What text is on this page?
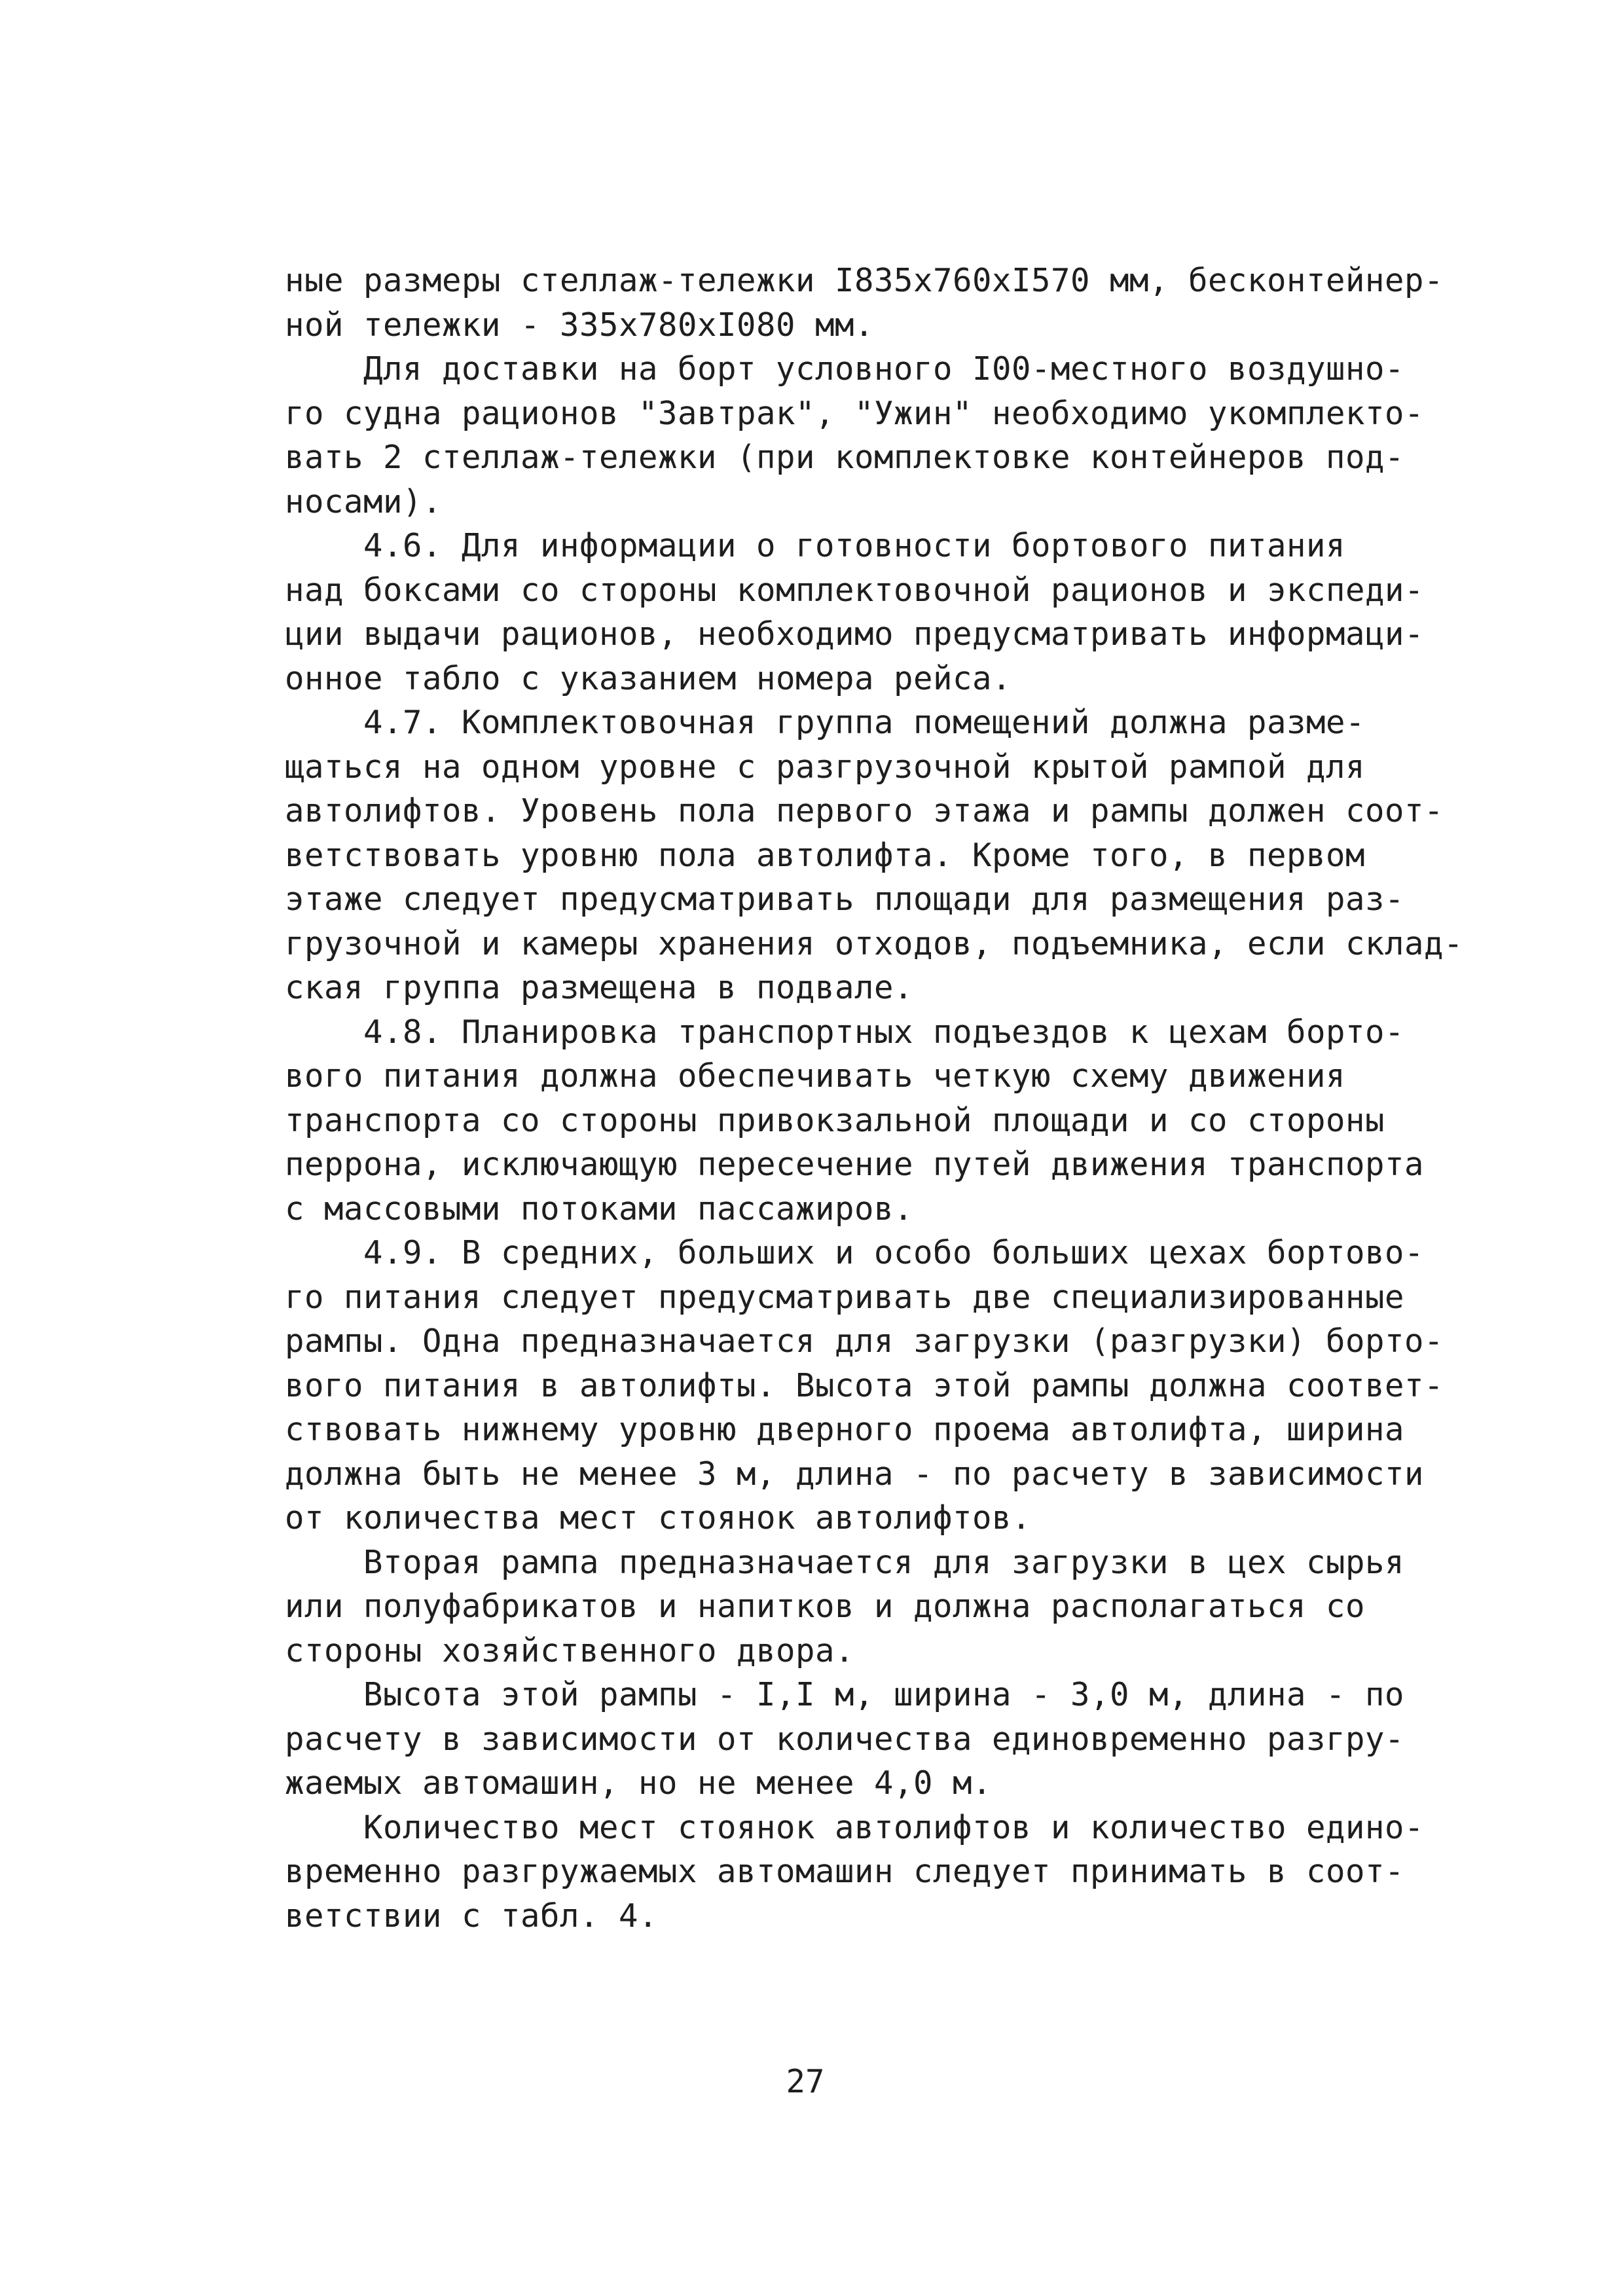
ные размеры стеллаж-тележки I835x760xI570 мм, бесконтейнер-
ной тележки - 335x780xI080 мм.
Для доставки на борт условного I00-местного воздушно-
го судна рационов "Завтрак", "Ужин" необходимо укомплекто-
вать 2 стеллаж-тележки (при комплектовке контейнеров под-
носами).
4.6. Для информации о готовности бортового питания
над боксами со стороны комплектовочной рационов и экспеди-
ции выдачи рационов, необходимо предусматривать информаци-
онное табло с указанием номера рейса.
4.7. Комплектовочная группа помещений должна разме-
щаться на одном уровне с разгрузочной крытой рампой для
автолифтов. Уровень пола первого этажа и рампы должен соот-
ветствовать уровню пола автолифта. Кроме того, в первом
этаже следует предусматривать площади для размещения раз-
грузочной и камеры хранения отходов, подъемника, если склад-
ская группа размещена в подвале.
4.8. Планировка транспортных подъездов к цехам борто-
вого питания должна обеспечивать четкую схему движения
транспорта со стороны привокзальной площади и со стороны
перрона, исключающую пересечение путей движения транспорта
с массовыми потоками пассажиров.
4.9. В средних, больших и особо больших цехах бортово-
го питания следует предусматривать две специализированные
рампы. Одна предназначается для загрузки (разгрузки) борто-
вого питания в автолифты. Высота этой рампы должна соответ-
ствовать нижнему уровню дверного проема автолифта, ширина
должна быть не менее 3 м, длина - по расчету в зависимости
от количества мест стоянок автолифтов.
Вторая рампа предназначается для загрузки в цех сырья
или полуфабрикатов и напитков и должна располагаться со
стороны хозяйственного двора.
Высота этой рампы - I,I м, ширина - 3,0 м, длина - по
расчету в зависимости от количества единовременно разгру-
жаемых автомашин, но не менее 4,0 м.
Количество мест стоянок автолифтов и количество едино-
временно разгружаемых автомашин следует принимать в соот-
ветствии с табл. 4.
27
